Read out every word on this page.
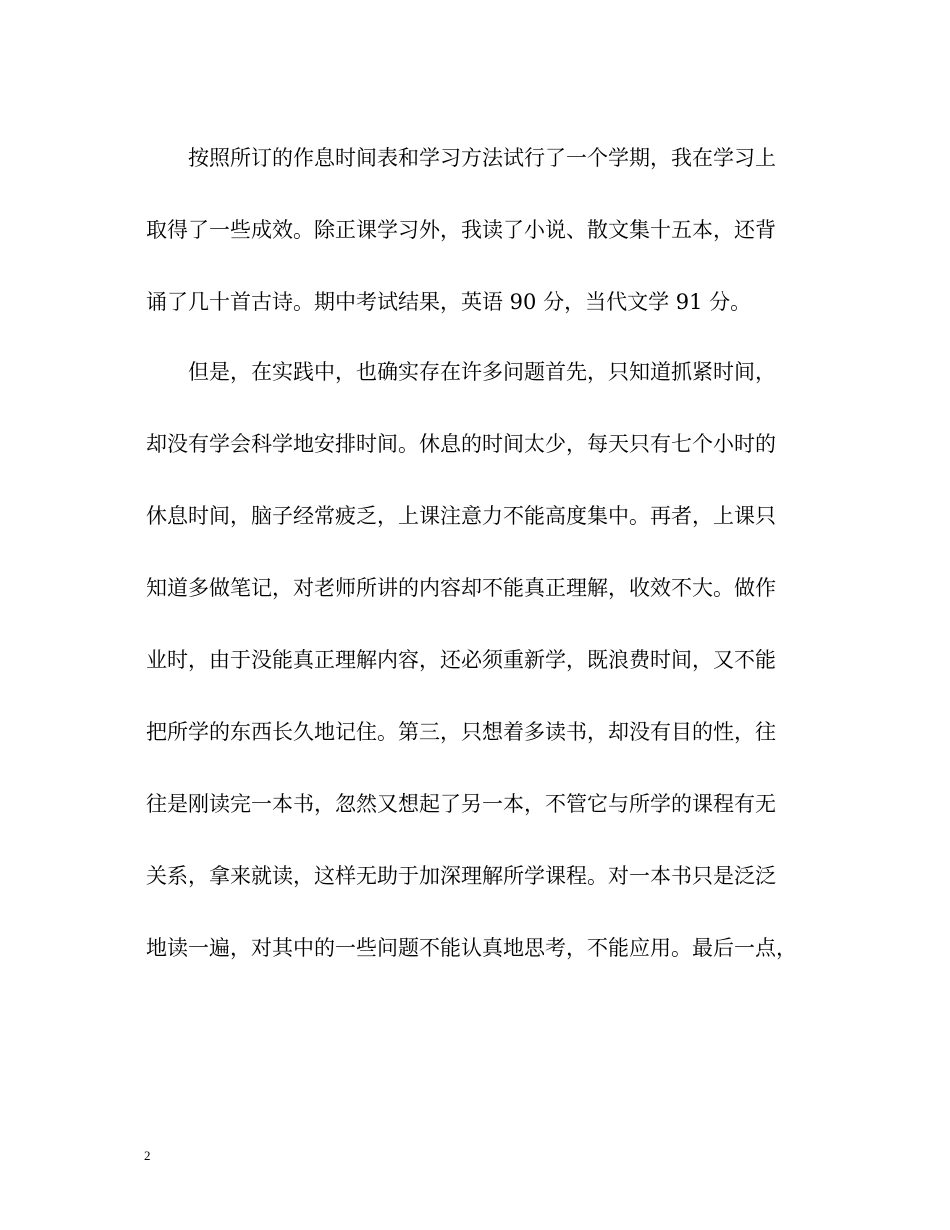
按照所订的作息时间表和学习方法试行了一个学期，我在学习上
取得了一些成效。除正课学习外，我读了小说、散文集十五本，还背
诵了几十首古诗。期中考试结果，英语 90 分，当代文学 91 分。
但是，在实践中，也确实存在许多问题首先，只知道抓紧时间，
却没有学会科学地安排时间。休息的时间太少，每天只有七个小时的
休息时间，脑子经常疲乏，上课注意力不能高度集中。再者，上课只
知道多做笔记，对老师所讲的内容却不能真正理解，收效不大。做作
业时，由于没能真正理解内容，还必须重新学，既浪费时间，又不能
把所学的东西长久地记住。第三，只想着多读书，却没有目的性，往
往是刚读完一本书，忽然又想起了另一本，不管它与所学的课程有无
关系，拿来就读，这样无助于加深理解所学课程。对一本书只是泛泛
地读一遍，对其中的一些问题不能认真地思考，不能应用。最后一点，
2
